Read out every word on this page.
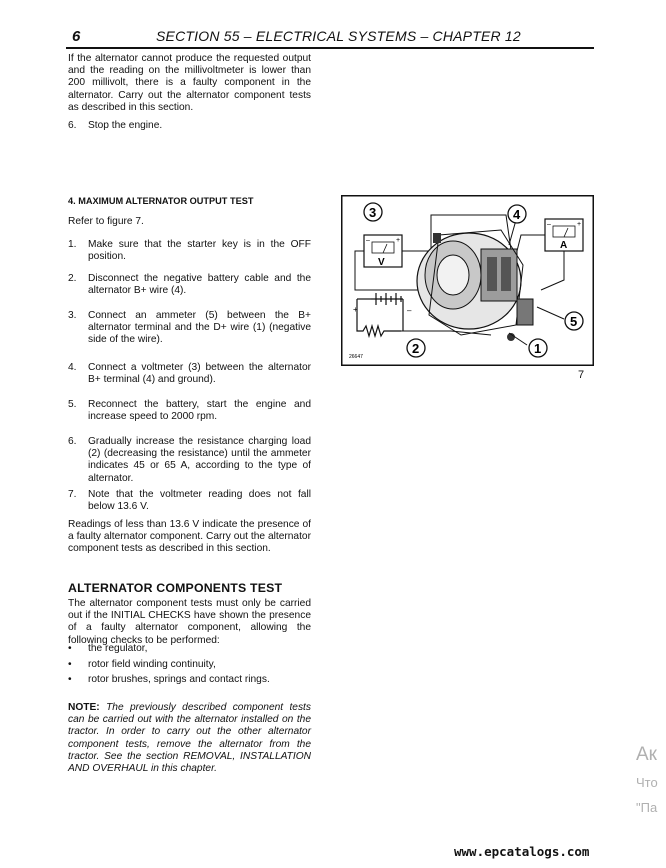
6	SECTION 55 – ELECTRICAL SYSTEMS – CHAPTER 12
If the alternator cannot produce the requested output and the reading on the millivoltmeter is lower than 200 millivolt, there is a faulty component in the alternator. Carry out the alternator component tests as described in this section.
6.	Stop the engine.
4. MAXIMUM ALTERNATOR OUTPUT TEST
Refer to figure 7.
1.	Make sure that the starter key is in the OFF position.
2.	Disconnect the negative battery cable and the alternator B+ wire (4).
3.	Connect an ammeter (5) between the B+ alternator terminal and the D+ wire (1) (negative side of the wire).
4.	Connect a voltmeter (3) between the alternator B+ terminal (4) and ground).
5.	Reconnect the battery, start the engine and increase speed to 2000 rpm.
6.	Gradually increase the resistance charging load (2) (decreasing the resistance) until the ammeter indicates 45 or 65 A, according to the type of alternator.
7.	Note that the voltmeter reading does not fall below 13.6 V.
Readings of less than 13.6 V indicate the presence of a faulty alternator component. Carry out the alternator component tests as described in this section.
ALTERNATOR COMPONENTS TEST
The alternator component tests must only be carried out if the INITIAL CHECKS have shown the presence of a faulty alternator component, allowing the following checks to be performed:
•	the regulator,
•	rotor field winding continuity,
•	rotor brushes, springs and contact rings.
NOTE: The previously described component tests can be carried out with the alternator installed on the tractor. In order to carry out the other alternator component tests, remove the alternator from the tractor. See the section REMOVAL, INSTALLATION AND OVERHAUL in this chapter.
V
–	+	A
–	+
+	–
1
2
3	4
5
26647
7
Ак
Что
"Па
www.epcatalogs.com
